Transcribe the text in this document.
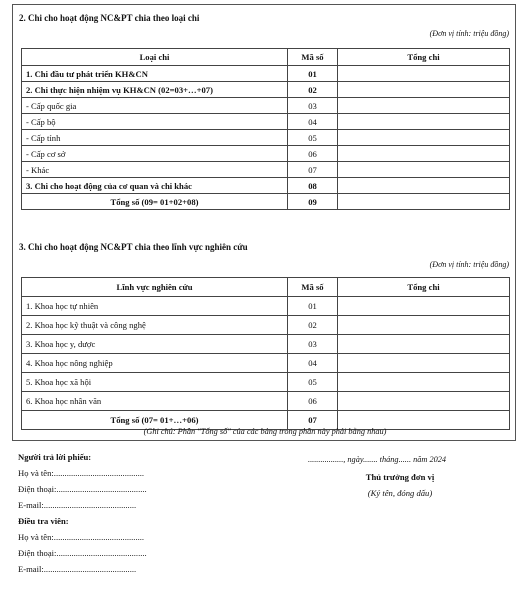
2. Chi cho hoạt động NC&PT chia theo loại chi
(Đơn vị tính: triệu đồng)
Loại chi	Mã số	Tổng chi
1. Chi đầu tư phát triển KH&CN	01	
2. Chi thực hiện nhiệm vụ KH&CN (02=03+…+07)	02	
- Cấp quốc gia	03	
- Cấp bộ	04	
- Cấp tỉnh	05	
- Cấp cơ sở	06	
- Khác	07	
3. Chi cho hoạt động của cơ quan và chi khác	08	
Tổng số (09= 01+02+08)	09	
3. Chi cho hoạt động NC&PT chia theo lĩnh vực nghiên cứu
(Đơn vị tính: triệu đồng)
Lĩnh vực nghiên cứu	Mã số	Tổng chi
1. Khoa học tự nhiên	01	
2. Khoa học kỹ thuật và công nghệ	02	
3. Khoa học y, dược	03	
4. Khoa học nông nghiệp	04	
5. Khoa học xã hội	05	
6. Khoa học nhân văn	06	
Tổng số (07= 01+…+06)	07	
(Ghi chú: Phần "Tổng số" của các bảng trong phần này phải bằng nhau)
Người trả lời phiếu:
Họ và tên:..........................................
Điện thoại:..........................................
E-mail:...........................................
Điều tra viên:
Họ và tên:..........................................
Điện thoại:..........................................
E-mail:...........................................
................., ngày....... tháng...... năm 2024
Thủ trưởng đơn vị
(Ký tên, đóng dấu)
